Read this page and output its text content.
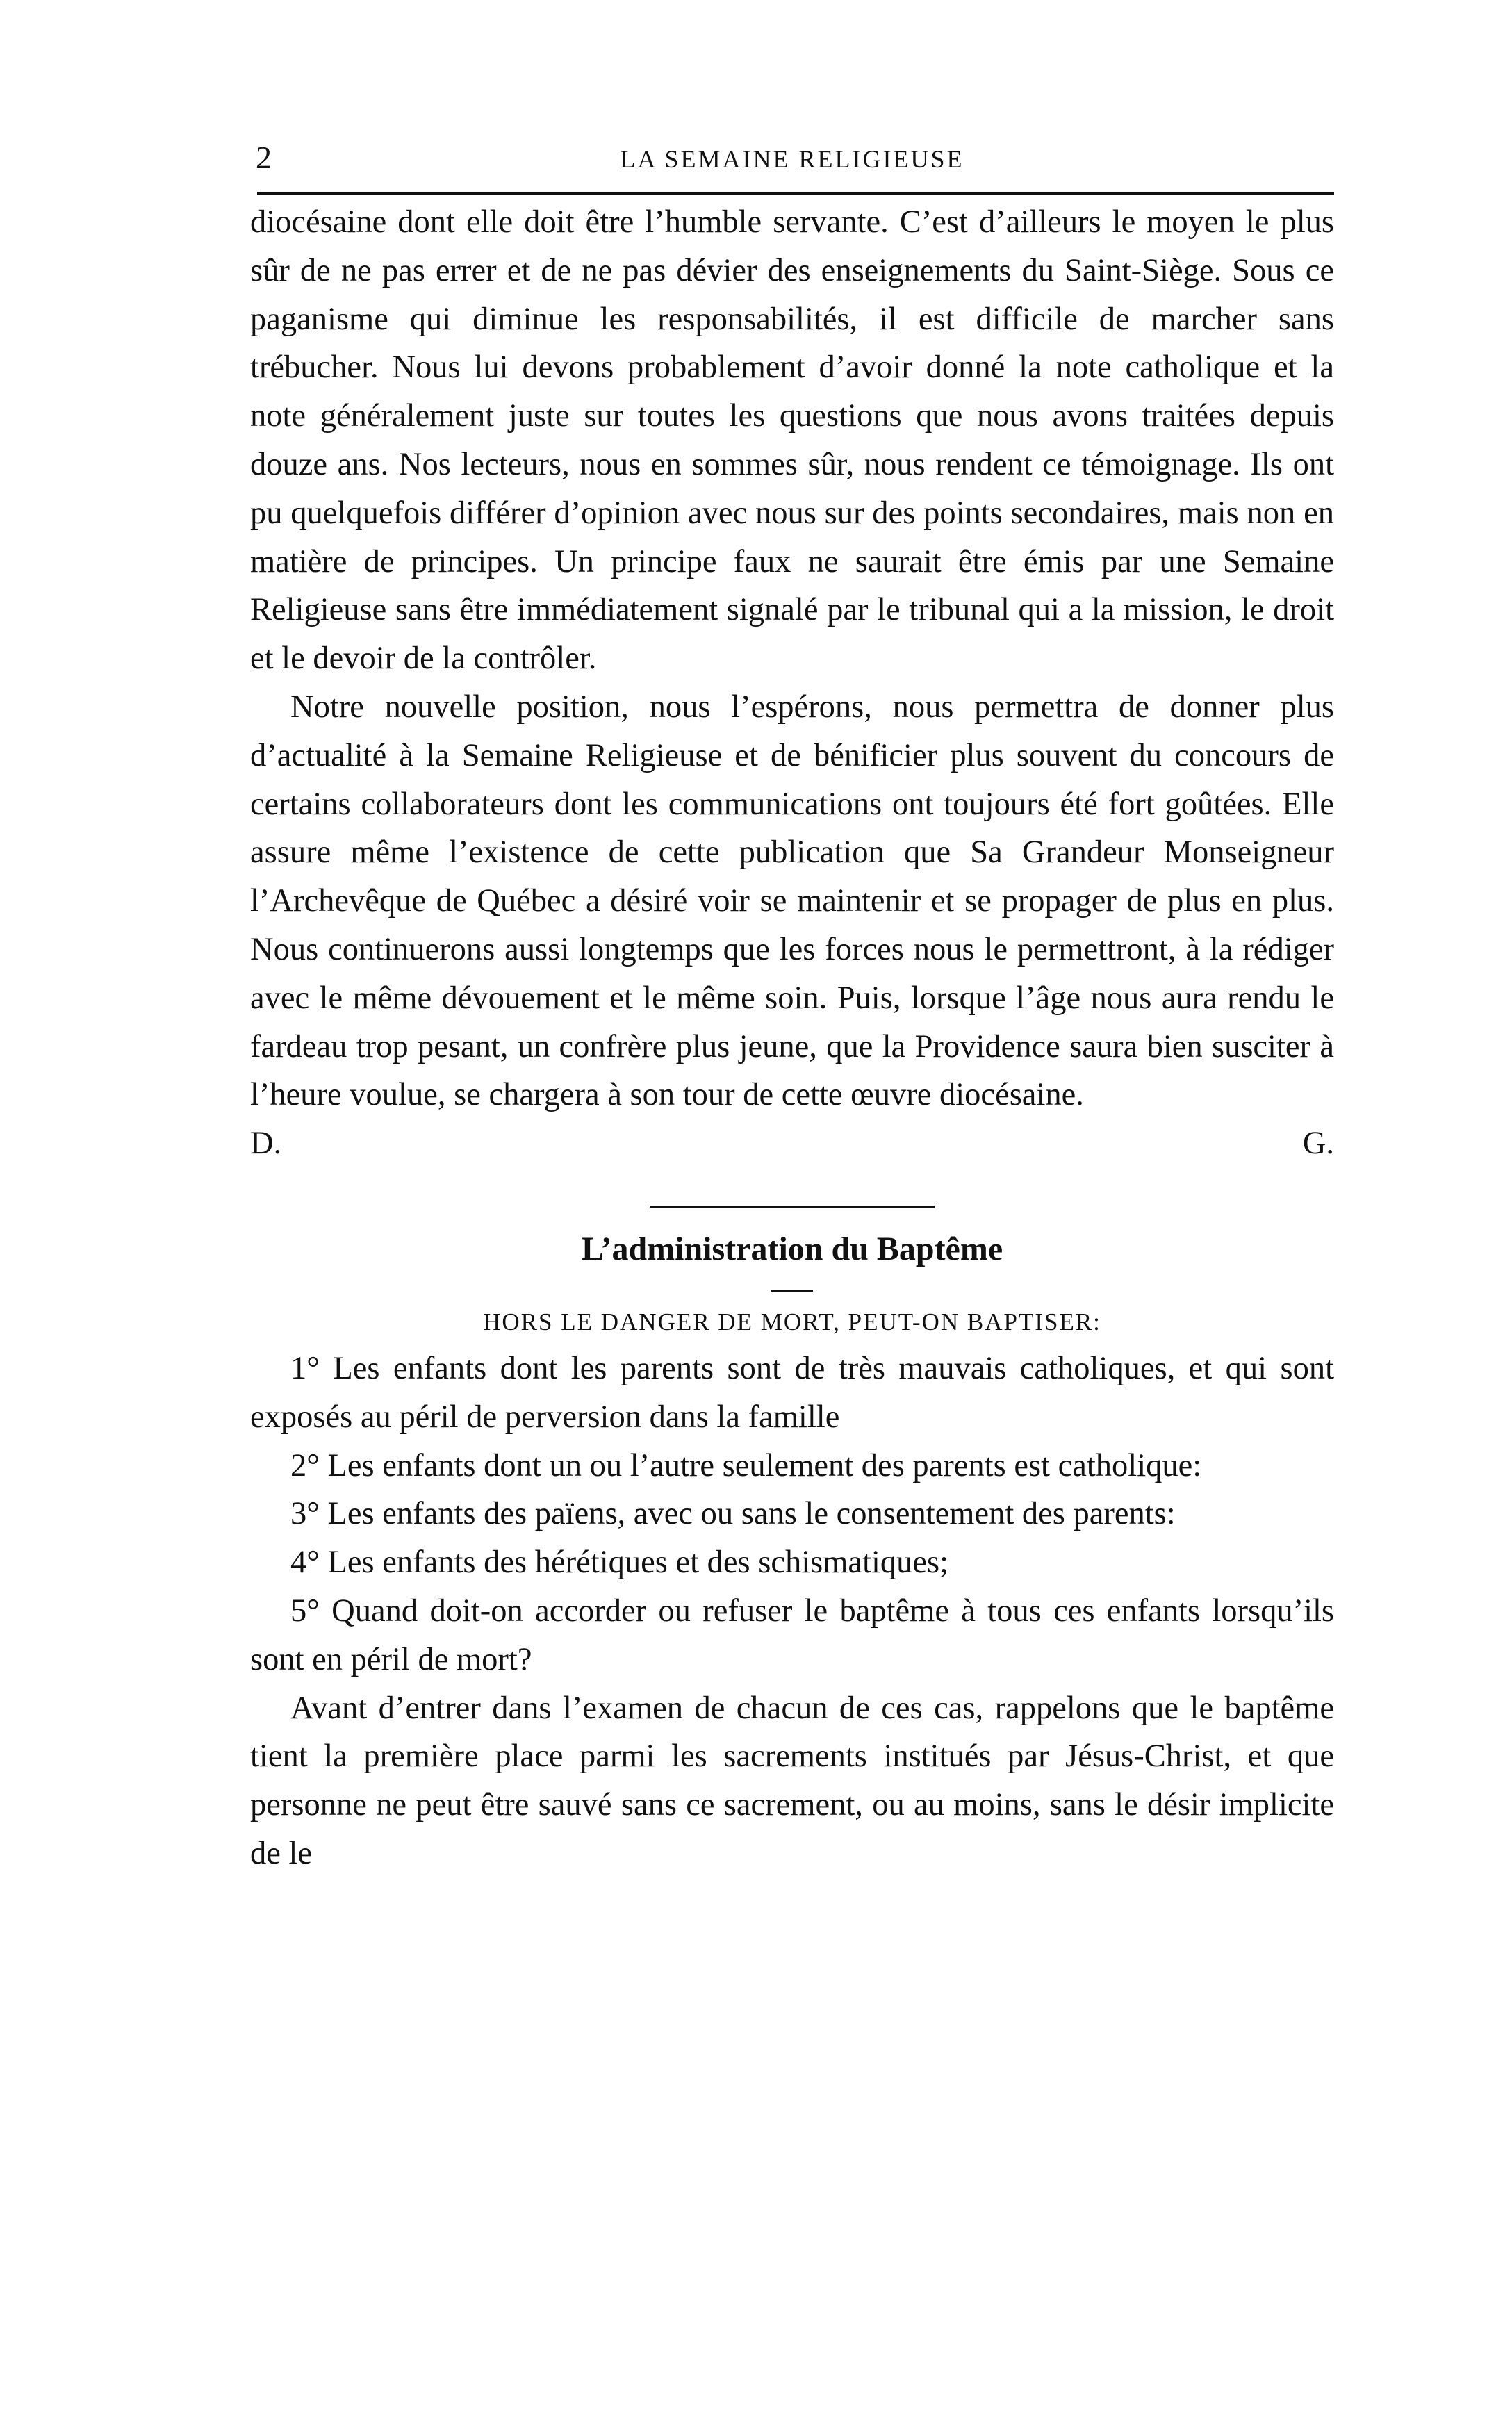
2	LA SEMAINE RELIGIEUSE

diocésaine dont elle doit être l’humble servante. C’est d’ailleurs le moyen le plus sûr de ne pas errer et de ne pas dévier des enseignements du Saint-Siège. Sous ce paganisme qui diminue les responsabilités, il est difficile de marcher sans trébucher. Nous lui devons probablement d’avoir donné la note catholique et la note généralement juste sur toutes les questions que nous avons traitées depuis douze ans. Nos lecteurs, nous en sommes sûr, nous rendent ce témoignage. Ils ont pu quelquefois différer d’opinion avec nous sur des points secondaires, mais non en matière de principes. Un principe faux ne saurait être émis par une Semaine Religieuse sans être immédiatement signalé par le tribunal qui a la mission, le droit et le devoir de la contrôler.

Notre nouvelle position, nous l’espérons, nous permettra de donner plus d’actualité à la Semaine Religieuse et de bénificier plus souvent du concours de certains collaborateurs dont les communications ont toujours été fort goûtées. Elle assure même l’existence de cette publication que Sa Grandeur Monseigneur l’Archevêque de Québec a désiré voir se maintenir et se propager de plus en plus. Nous continuerons aussi longtemps que les forces nous le permettront, à la rédiger avec le même dévouement et le même soin. Puis, lorsque l’âge nous aura rendu le fardeau trop pesant, un confrère plus jeune, que la Providence saura bien susciter à l’heure voulue, se chargera à son tour de cette œuvre diocésaine.

D. G.

L’administration du Baptême

HORS LE DANGER DE MORT, PEUT-ON BAPTISER:

1° Les enfants dont les parents sont de très mauvais catholiques, et qui sont exposés au péril de perversion dans la famille

2° Les enfants dont un ou l’autre seulement des parents est catholique:

3° Les enfants des païens, avec ou sans le consentement des parents:

4° Les enfants des hérétiques et des schismatiques;

5° Quand doit-on accorder ou refuser le baptême à tous ces enfants lorsqu’ils sont en péril de mort?

Avant d’entrer dans l’examen de chacun de ces cas, rappelons que le baptême tient la première place parmi les sacrements institués par Jésus-Christ, et que personne ne peut être sauvé sans ce sacrement, ou au moins, sans le désir implicite de le
